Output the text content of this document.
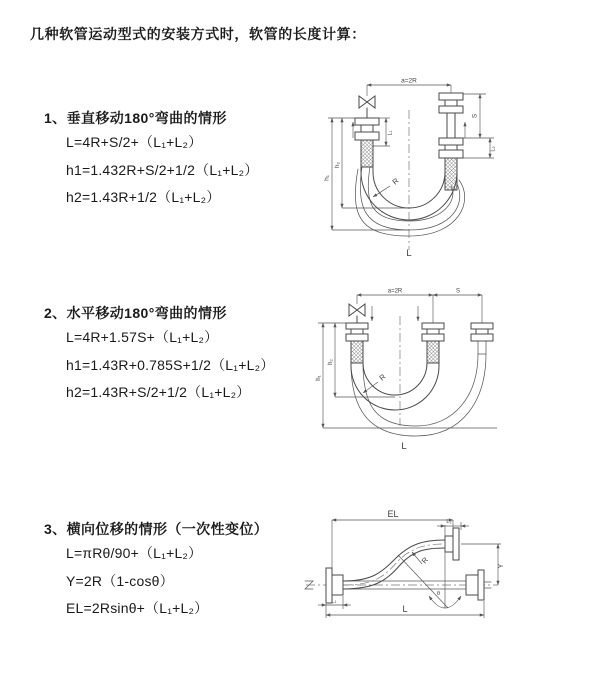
几种软管运动型式的安装方式时，软管的长度计算：

1、垂直移动180°弯曲的情形

L=4R+S/2+（L₁+L₂）

h1=1.432R+S/2+1/2（L₁+L₂）

h2=1.43R+1/2（L₁+L₂）

2、水平移动180°弯曲的情形

L=4R+1.57S+（L₁+L₂）

h1=1.43R+0.785S+1/2（L₁+L₂）

h2=1.43R+S/2+1/2（L₁+L₂）

3、横向位移的情形（一次性变位）

L=πRθ/90+（L₁+L₂）

Y=2R（1-cosθ）

EL=2Rsinθ+（L₁+L₂）

a=2R
S
L₂
L₁
h₂
h₁	R
L
a=2R	S
h₂
h₁	R
L
θ
R
EL
L₂
Y
L₁
L
